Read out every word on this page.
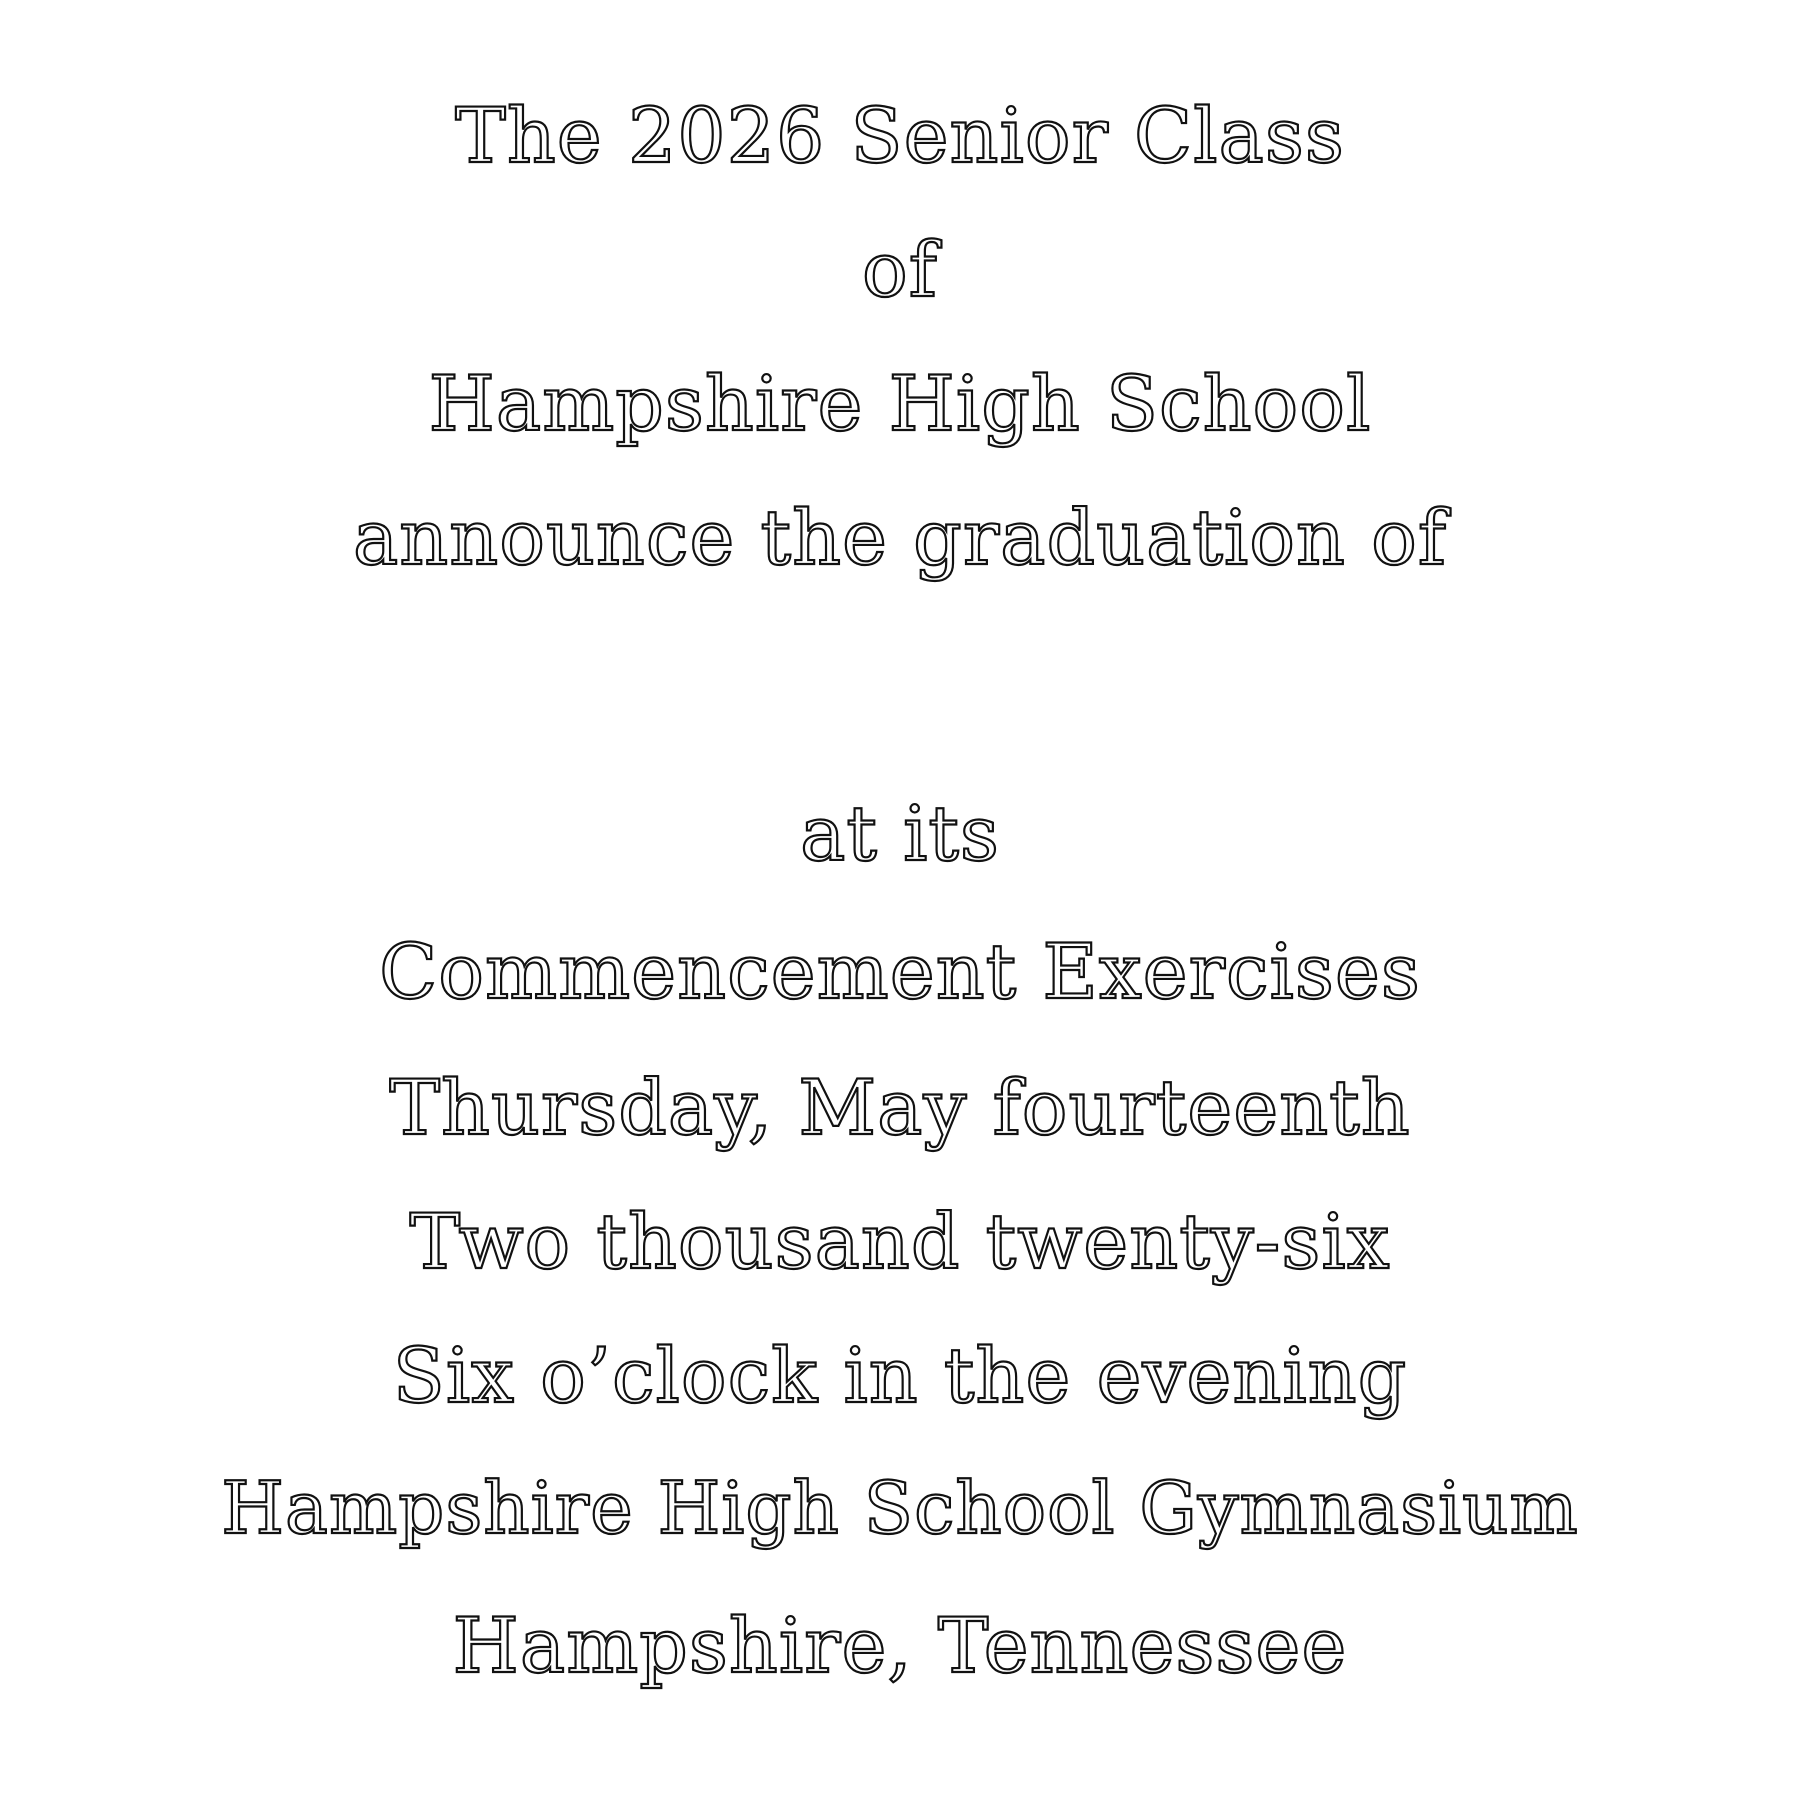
The 2026 Senior Class
of
Hampshire High School
announce the graduation of
at its
Commencement Exercises
Thursday, May fourteenth
Two thousand twenty-six
Six o’clock in the evening
Hampshire High School Gymnasium
Hampshire, Tennessee
